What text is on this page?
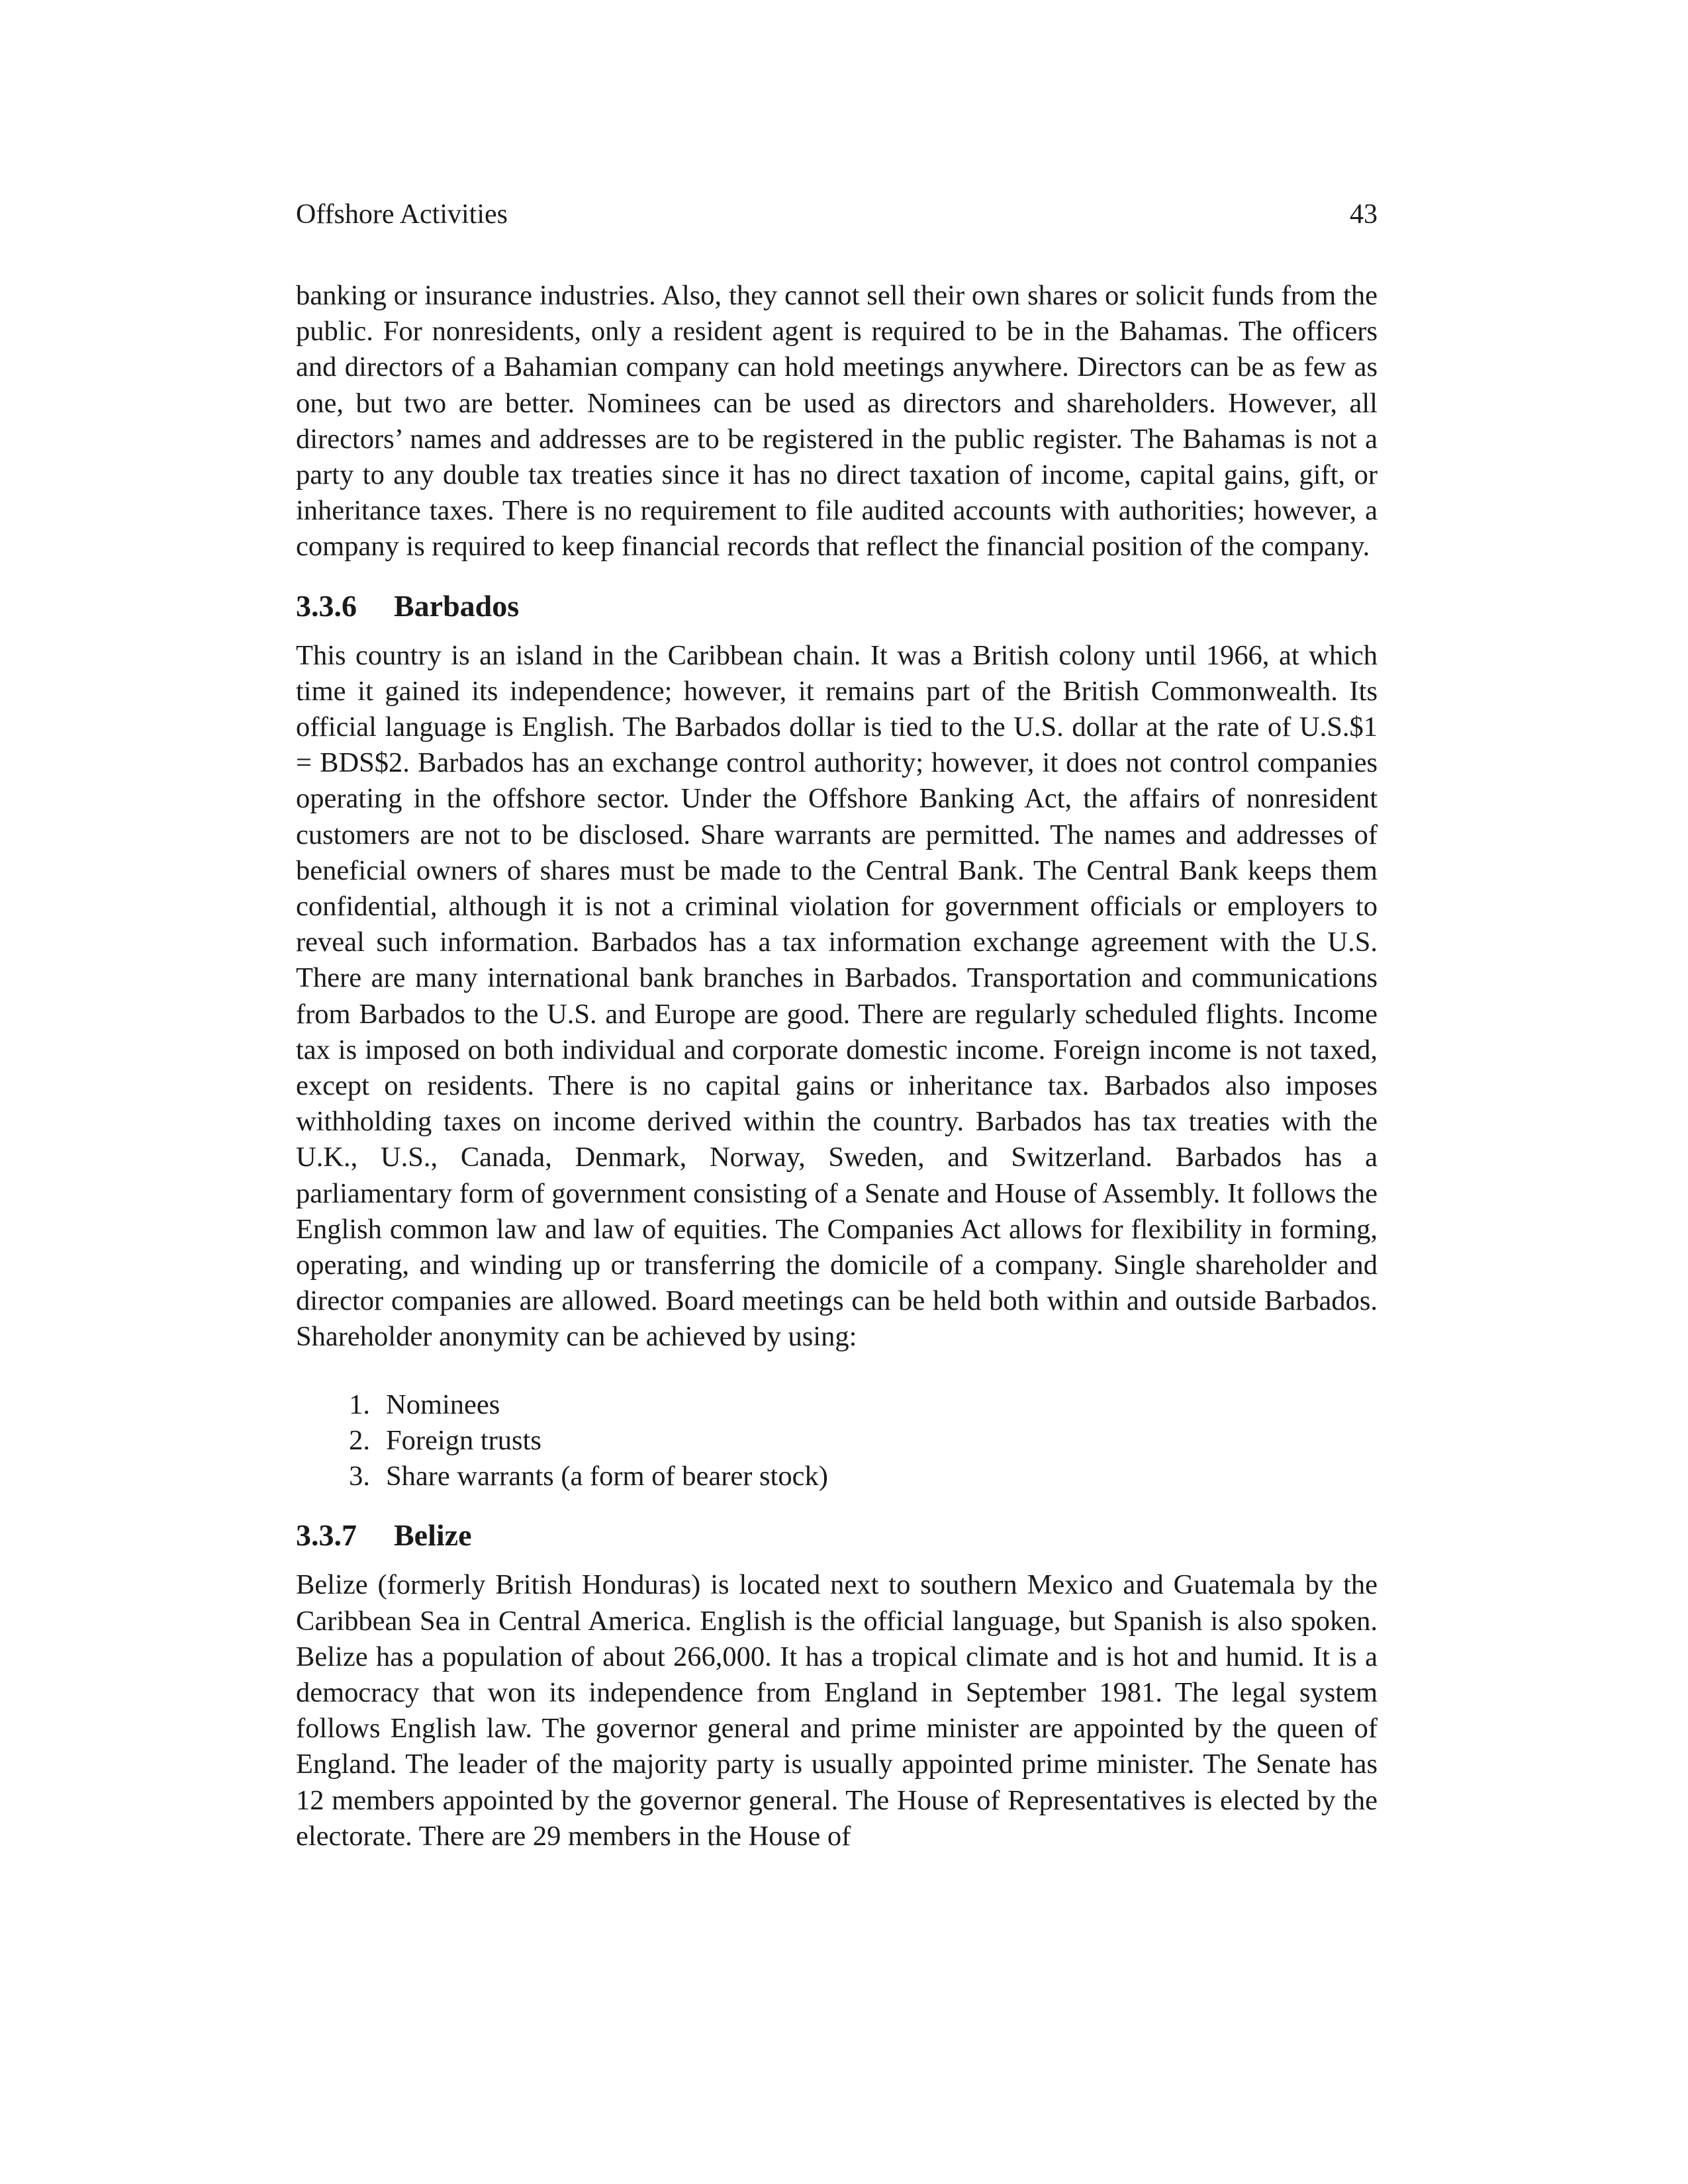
Offshore Activities	43

banking or insurance industries. Also, they cannot sell their own shares or solicit funds from the public. For nonresidents, only a resident agent is required to be in the Bahamas. The officers and directors of a Bahamian company can hold meetings anywhere. Directors can be as few as one, but two are better. Nominees can be used as directors and shareholders. However, all directors’ names and addresses are to be registered in the public register. The Bahamas is not a party to any double tax treaties since it has no direct taxation of income, capital gains, gift, or inheritance taxes. There is no requirement to file audited accounts with authorities; however, a company is required to keep financial records that reflect the financial position of the company.

3.3.6 Barbados

This country is an island in the Caribbean chain. It was a British colony until 1966, at which time it gained its independence; however, it remains part of the British Commonwealth. Its official language is English. The Barbados dollar is tied to the U.S. dollar at the rate of U.S.$1 = BDS$2. Barbados has an exchange control authority; however, it does not control companies operating in the offshore sector. Under the Offshore Banking Act, the affairs of nonresident customers are not to be disclosed. Share warrants are permitted. The names and addresses of beneficial owners of shares must be made to the Central Bank. The Central Bank keeps them confidential, although it is not a criminal violation for government officials or employers to reveal such information. Barbados has a tax information exchange agreement with the U.S. There are many international bank branches in Barbados. Transportation and communications from Barbados to the U.S. and Europe are good. There are regularly scheduled flights. Income tax is imposed on both individual and corporate domestic income. Foreign income is not taxed, except on residents. There is no capital gains or inheritance tax. Barbados also imposes withholding taxes on income derived within the country. Barbados has tax treaties with the U.K., U.S., Canada, Denmark, Norway, Sweden, and Switzerland. Barbados has a parliamentary form of government consisting of a Senate and House of Assembly. It follows the English common law and law of equities. The Companies Act allows for flexibility in forming, operating, and winding up or transferring the domicile of a company. Single shareholder and director companies are allowed. Board meetings can be held both within and outside Barbados. Shareholder anonymity can be achieved by using:

1. Nominees
2. Foreign trusts
3. Share warrants (a form of bearer stock)
3.3.7 Belize

Belize (formerly British Honduras) is located next to southern Mexico and Guatemala by the Caribbean Sea in Central America. English is the official language, but Spanish is also spoken. Belize has a population of about 266,000. It has a tropical climate and is hot and humid. It is a democracy that won its independence from England in September 1981. The legal system follows English law. The governor general and prime minister are appointed by the queen of England. The leader of the majority party is usually appointed prime minister. The Senate has 12 members appointed by the governor general. The House of Representatives is elected by the electorate. There are 29 members in the House of
